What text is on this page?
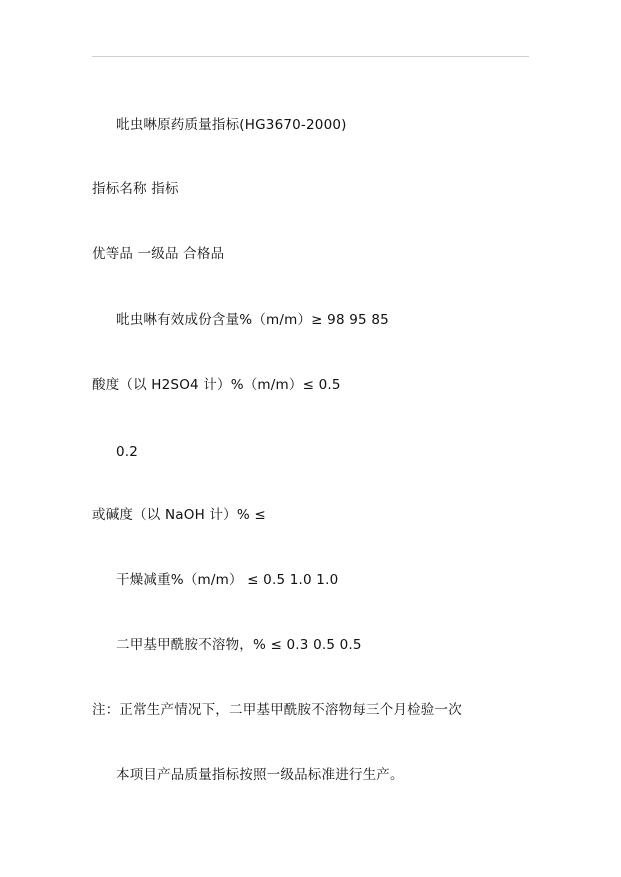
吡虫啉原药质量指标(HG3670-2000)
指标名称 指标
优等品 一级品 合格品
吡虫啉有效成份含量%（m/m）≥ 98 95 85
酸度（以 H2SO4 计）%（m/m）≤ 0.5
0.2
或碱度（以 NaOH 计）% ≤
干燥减重%（m/m） ≤ 0.5 1.0 1.0
二甲基甲酰胺不溶物，% ≤ 0.3 0.5 0.5
注：正常生产情况下，二甲基甲酰胺不溶物每三个月检验一次
本项目产品质量指标按照一级品标准进行生产。
